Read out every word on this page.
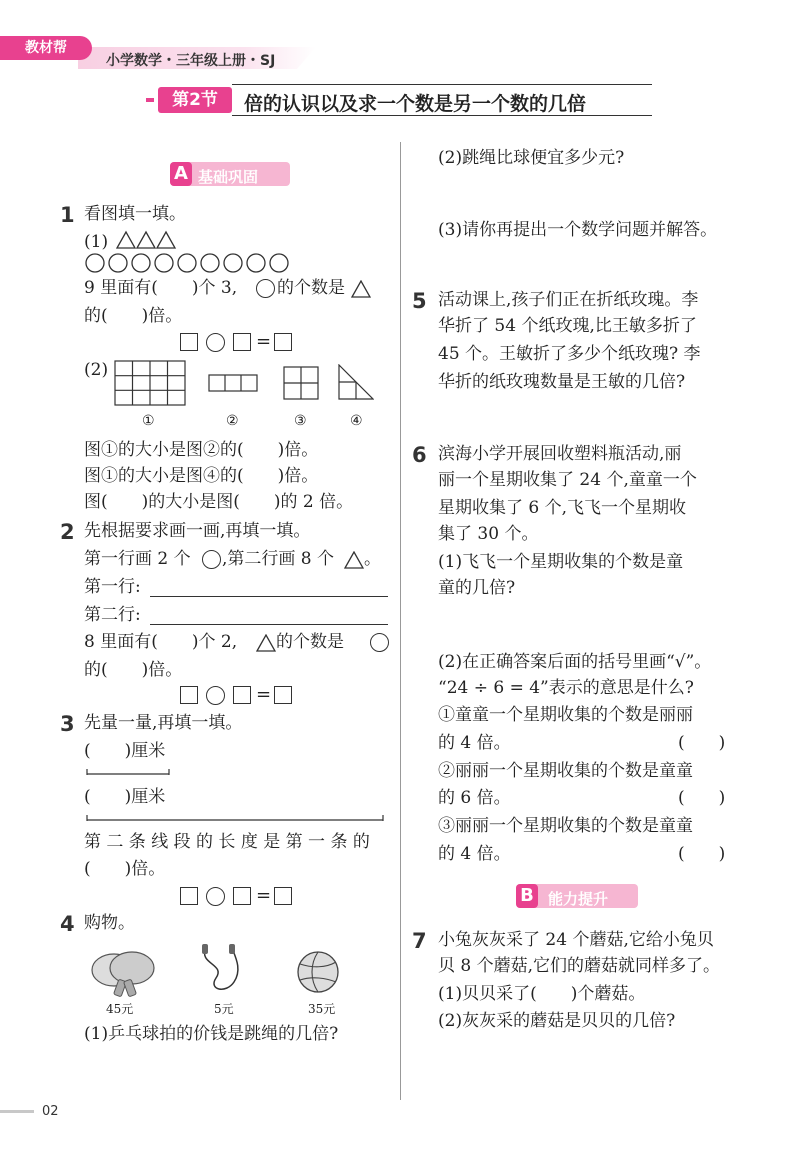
教材帮
小学数学・三年级上册・SJ
第2节	倍的认识以及求一个数是另一个数的几倍
A 基础巩固
1 看图填一填。
(1)
9 里面有(　　)个 3, 的个数是
的(　　)倍。
=
(2)
①	②	③	④
图①的大小是图②的(　　)倍。
图①的大小是图④的(　　)倍。
图(　　)的大小是图(　　)的 2 倍。
2 先根据要求画一画,再填一填。
第一行画 2 个 ,第二行画 8 个 。
第一行:
第二行:
8 里面有(　　)个 2, 的个数是
的(　　)倍。
=
3 先量一量,再填一填。
(　　)厘米
(　　)厘米
第 二 条 线 段 的 长 度 是 第 一 条 的
(　　)倍。
=
4 购物。
45元	5元	35元
(1)乒乓球拍的价钱是跳绳的几倍?
(2)跳绳比球便宜多少元?
(3)请你再提出一个数学问题并解答。
5 活动课上,孩子们正在折纸玫瑰。李
华折了 54 个纸玫瑰,比王敏多折了
45 个。王敏折了多少个纸玫瑰? 李
华折的纸玫瑰数量是王敏的几倍?
6 滨海小学开展回收塑料瓶活动,丽
丽一个星期收集了 24 个,童童一个
星期收集了 6 个,飞飞一个星期收
集了 30 个。
(1)飞飞一个星期收集的个数是童
童的几倍?
(2)在正确答案后面的括号里画“√”。
“24 ÷ 6 = 4”表示的意思是什么?
①童童一个星期收集的个数是丽丽
的 4 倍。	(　　)
②丽丽一个星期收集的个数是童童
的 6 倍。	(　　)
③丽丽一个星期收集的个数是童童
的 4 倍。	(　　)
B 能力提升
7 小兔灰灰采了 24 个蘑菇,它给小兔贝
贝 8 个蘑菇,它们的蘑菇就同样多了。
(1)贝贝采了(　　)个蘑菇。
(2)灰灰采的蘑菇是贝贝的几倍?
02
